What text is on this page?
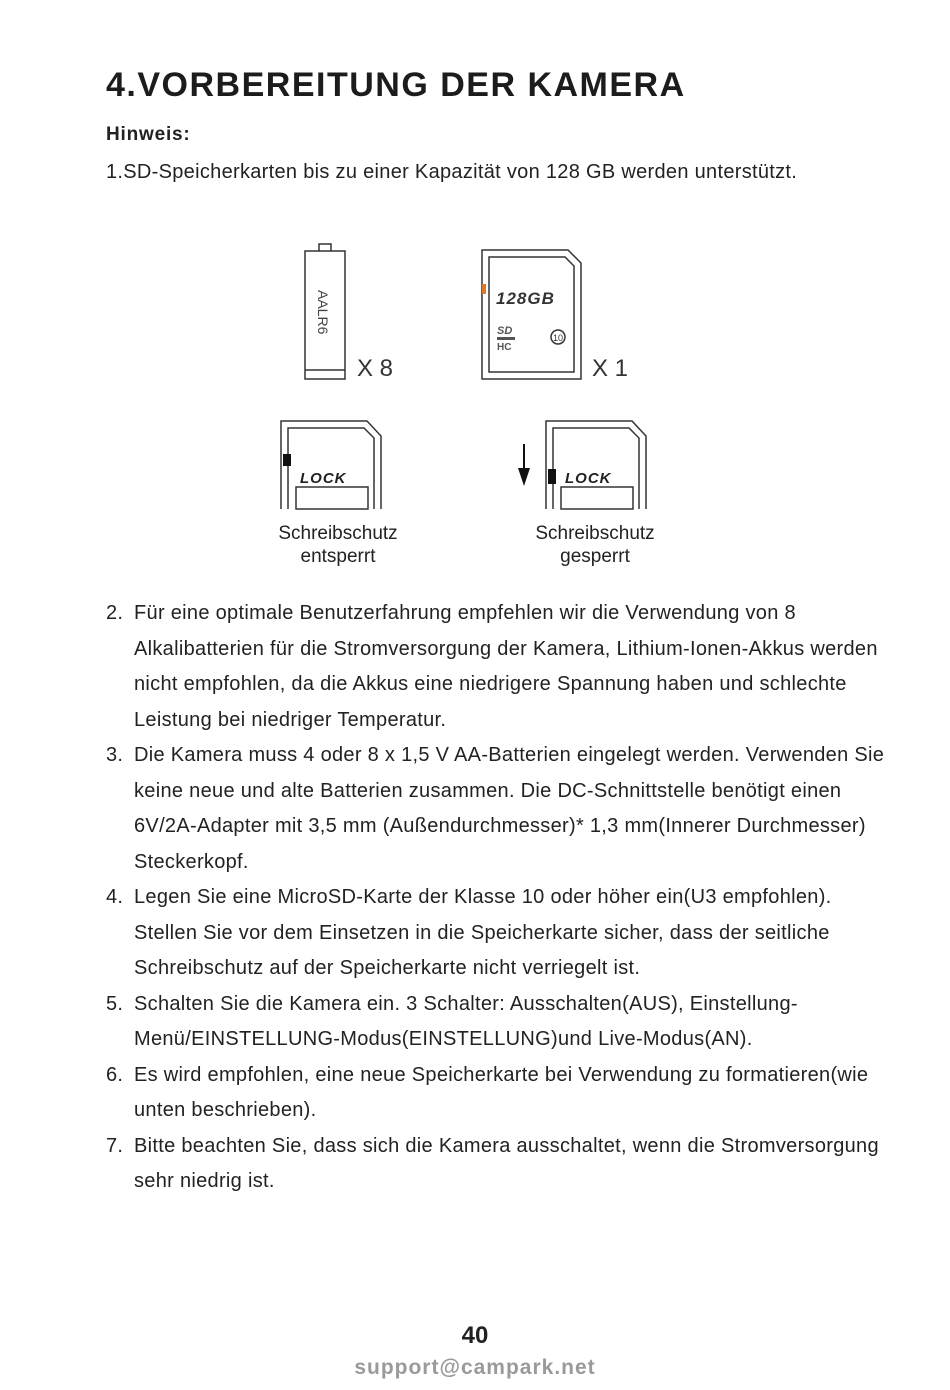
4.VORBEREITUNG DER KAMERA
Hinweis:
1.SD-Speicherkarten bis zu einer Kapazität von 128 GB werden unterstützt.
AALR6
X 8
128GB
SD
HC
10
X 1
LOCK	LOCK
Schreibschutz
entsperrt
Schreibschutz
gesperrt
2. Für eine optimale Benutzerfahrung empfehlen wir die Verwendung von 8 Alkalibatterien für die Stromversorgung der Kamera, Lithium-Ionen-Akkus werden nicht empfohlen, da die Akkus eine niedrigere Spannung haben und schlechte Leistung bei niedriger Temperatur.
3. Die Kamera muss 4 oder 8 x 1,5 V AA-Batterien eingelegt werden. Verwenden Sie keine neue und alte Batterien zusammen. Die DC-Schnittstelle benötigt einen 6V/2A-Adapter mit 3,5 mm (Außendurchmesser)* 1,3 mm(Innerer Durchmesser) Steckerkopf.
4. Legen Sie eine MicroSD-Karte der Klasse 10 oder höher ein(U3 empfohlen). Stellen Sie vor dem Einsetzen in die Speicherkarte sicher, dass der seitliche Schreibschutz auf der Speicherkarte nicht verriegelt ist.
5. Schalten Sie die Kamera ein. 3 Schalter: Ausschalten(AUS), Einstellung-Menü/EINSTELLUNG-Modus(EINSTELLUNG)und Live-Modus(AN).
6. Es wird empfohlen, eine neue Speicherkarte bei Verwendung zu formatieren(wie unten beschrieben).
7. Bitte beachten Sie, dass sich die Kamera ausschaltet, wenn die Stromversorgung sehr niedrig ist.
40
support@campark.net
